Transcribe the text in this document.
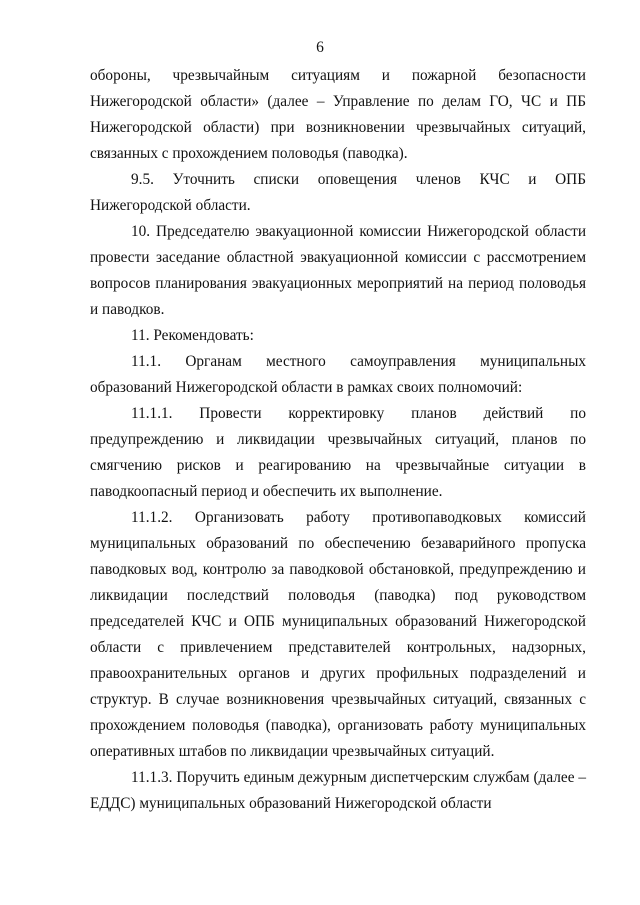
6

обороны, чрезвычайным ситуациям и пожарной безопасности Нижегородской области» (далее – Управление по делам ГО, ЧС и ПБ Нижегородской области) при возникновении чрезвычайных ситуаций, связанных с прохождением половодья (паводка).

9.5. Уточнить списки оповещения членов КЧС и ОПБ Нижегородской области.

10. Председателю эвакуационной комиссии Нижегородской области провести заседание областной эвакуационной комиссии с рассмотрением вопросов планирования эвакуационных мероприятий на период половодья и паводков.

11. Рекомендовать:

11.1. Органам местного самоуправления муниципальных образований Нижегородской области в рамках своих полномочий:

11.1.1. Провести корректировку планов действий по предупреждению и ликвидации чрезвычайных ситуаций, планов по смягчению рисков и реагированию на чрезвычайные ситуации в паводкоопасный период и обеспечить их выполнение.

11.1.2. Организовать работу противопаводковых комиссий муниципальных образований по обеспечению безаварийного пропуска паводковых вод, контролю за паводковой обстановкой, предупреждению и ликвидации последствий половодья (паводка) под руководством председателей КЧС и ОПБ муниципальных образований Нижегородской области с привлечением представителей контрольных, надзорных, правоохранительных органов и других профильных подразделений и структур. В случае возникновения чрезвычайных ситуаций, связанных с прохождением половодья (паводка), организовать работу муниципальных оперативных штабов по ликвидации чрезвычайных ситуаций.

11.1.3. Поручить единым дежурным диспетчерским службам (далее – ЕДДС) муниципальных образований Нижегородской области
